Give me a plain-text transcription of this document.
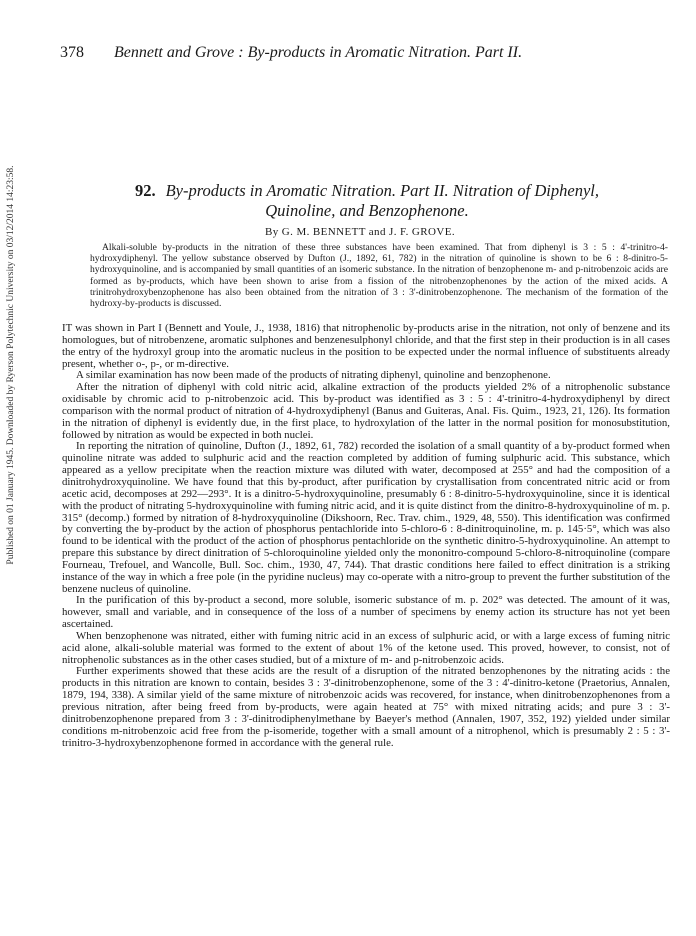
Published on 01 January 1945. Downloaded by Ryerson Polytechnic University on 03/12/2014 14:23:58.
378 Bennett and Grove : By-products in Aromatic Nitration. Part II.
92. By-products in Aromatic Nitration. Part II. Nitration of Diphenyl,
Quinoline, and Benzophenone.
By G. M. BENNETT and J. F. GROVE.

Alkali-soluble by-products in the nitration of these three substances have been examined. That from diphenyl is 3 : 5 : 4'-trinitro-4-hydroxydiphenyl. The yellow substance observed by Dufton (J., 1892, 61, 782) in the nitration of quinoline is shown to be 6 : 8-dinitro-5-hydroxyquinoline, and is accompanied by small quantities of an isomeric substance. In the nitration of benzophenone m- and p-nitrobenzoic acids are formed as by-products, which have been shown to arise from a fission of the nitrobenzophenones by the action of the mixed acids. A trinitrohydroxybenzophenone has also been obtained from the nitration of 3 : 3'-dinitrobenzophenone. The mechanism of the formation of the hydroxy-by-products is discussed.

IT was shown in Part I (Bennett and Youle, J., 1938, 1816) that nitrophenolic by-products arise in the nitration, not only of benzene and its homologues, but of nitrobenzene, aromatic sulphones and benzenesulphonyl chloride, and that the first step in their production is in all cases the entry of the hydroxyl group into the aromatic nucleus in the position to be expected under the normal influence of substituents already present, whether o-, p-, or m-directive.

A similar examination has now been made of the products of nitrating diphenyl, quinoline and benzophenone.

After the nitration of diphenyl with cold nitric acid, alkaline extraction of the products yielded 2% of a nitrophenolic substance oxidisable by chromic acid to p-nitrobenzoic acid. This by-product was identified as 3 : 5 : 4'-trinitro-4-hydroxydiphenyl by direct comparison with the normal product of nitration of 4-hydroxydiphenyl (Banus and Guiteras, Anal. Fis. Quim., 1923, 21, 126). Its formation in the nitration of diphenyl is evidently due, in the first place, to hydroxylation of the latter in the normal position for monosubstitution, followed by nitration as would be expected in both nuclei.

In reporting the nitration of quinoline, Dufton (J., 1892, 61, 782) recorded the isolation of a small quantity of a by-product formed when quinoline nitrate was added to sulphuric acid and the reaction completed by addition of fuming sulphuric acid. This substance, which appeared as a yellow precipitate when the reaction mixture was diluted with water, decomposed at 255° and had the composition of a dinitrohydroxyquinoline. We have found that this by-product, after purification by crystallisation from concentrated nitric acid or from acetic acid, decomposes at 292—293°. It is a dinitro-5-hydroxyquinoline, presumably 6 : 8-dinitro-5-hydroxyquinoline, since it is identical with the product of nitrating 5-hydroxyquinoline with fuming nitric acid, and it is quite distinct from the dinitro-8-hydroxyquinoline of m. p. 315° (decomp.) formed by nitration of 8-hydroxyquinoline (Dikshoorn, Rec. Trav. chim., 1929, 48, 550). This identification was confirmed by converting the by-product by the action of phosphorus pentachloride into 5-chloro-6 : 8-dinitroquinoline, m. p. 145·5°, which was also found to be identical with the product of the action of phosphorus pentachloride on the synthetic dinitro-5-hydroxyquinoline. An attempt to prepare this substance by direct dinitration of 5-chloroquinoline yielded only the mononitro-compound 5-chloro-8-nitroquinoline (compare Fourneau, Trefouel, and Wancolle, Bull. Soc. chim., 1930, 47, 744). That drastic conditions here failed to effect dinitration is a striking instance of the way in which a free pole (in the pyridine nucleus) may co-operate with a nitro-group to prevent the further substitution of the benzene nucleus of quinoline.

In the purification of this by-product a second, more soluble, isomeric substance of m. p. 202° was detected. The amount of it was, however, small and variable, and in consequence of the loss of a number of specimens by enemy action its structure has not yet been ascertained.

When benzophenone was nitrated, either with fuming nitric acid in an excess of sulphuric acid, or with a large excess of fuming nitric acid alone, alkali-soluble material was formed to the extent of about 1% of the ketone used. This proved, however, to consist, not of nitrophenolic substances as in the other cases studied, but of a mixture of m- and p-nitrobenzoic acids.

Further experiments showed that these acids are the result of a disruption of the nitrated benzophenones by the nitrating acids : the products in this nitration are known to contain, besides 3 : 3'-dinitrobenzophenone, some of the 3 : 4'-dinitro-ketone (Praetorius, Annalen, 1879, 194, 338). A similar yield of the same mixture of nitrobenzoic acids was recovered, for instance, when dinitrobenzophenones from a previous nitration, after being freed from by-products, were again heated at 75° with mixed nitrating acids; and pure 3 : 3'-dinitrobenzophenone prepared from 3 : 3'-dinitrodiphenylmethane by Baeyer's method (Annalen, 1907, 352, 192) yielded under similar conditions m-nitrobenzoic acid free from the p-isomeride, together with a small amount of a nitrophenol, which is presumably 2 : 5 : 3'-trinitro-3-hydroxybenzophenone formed in accordance with the general rule.
